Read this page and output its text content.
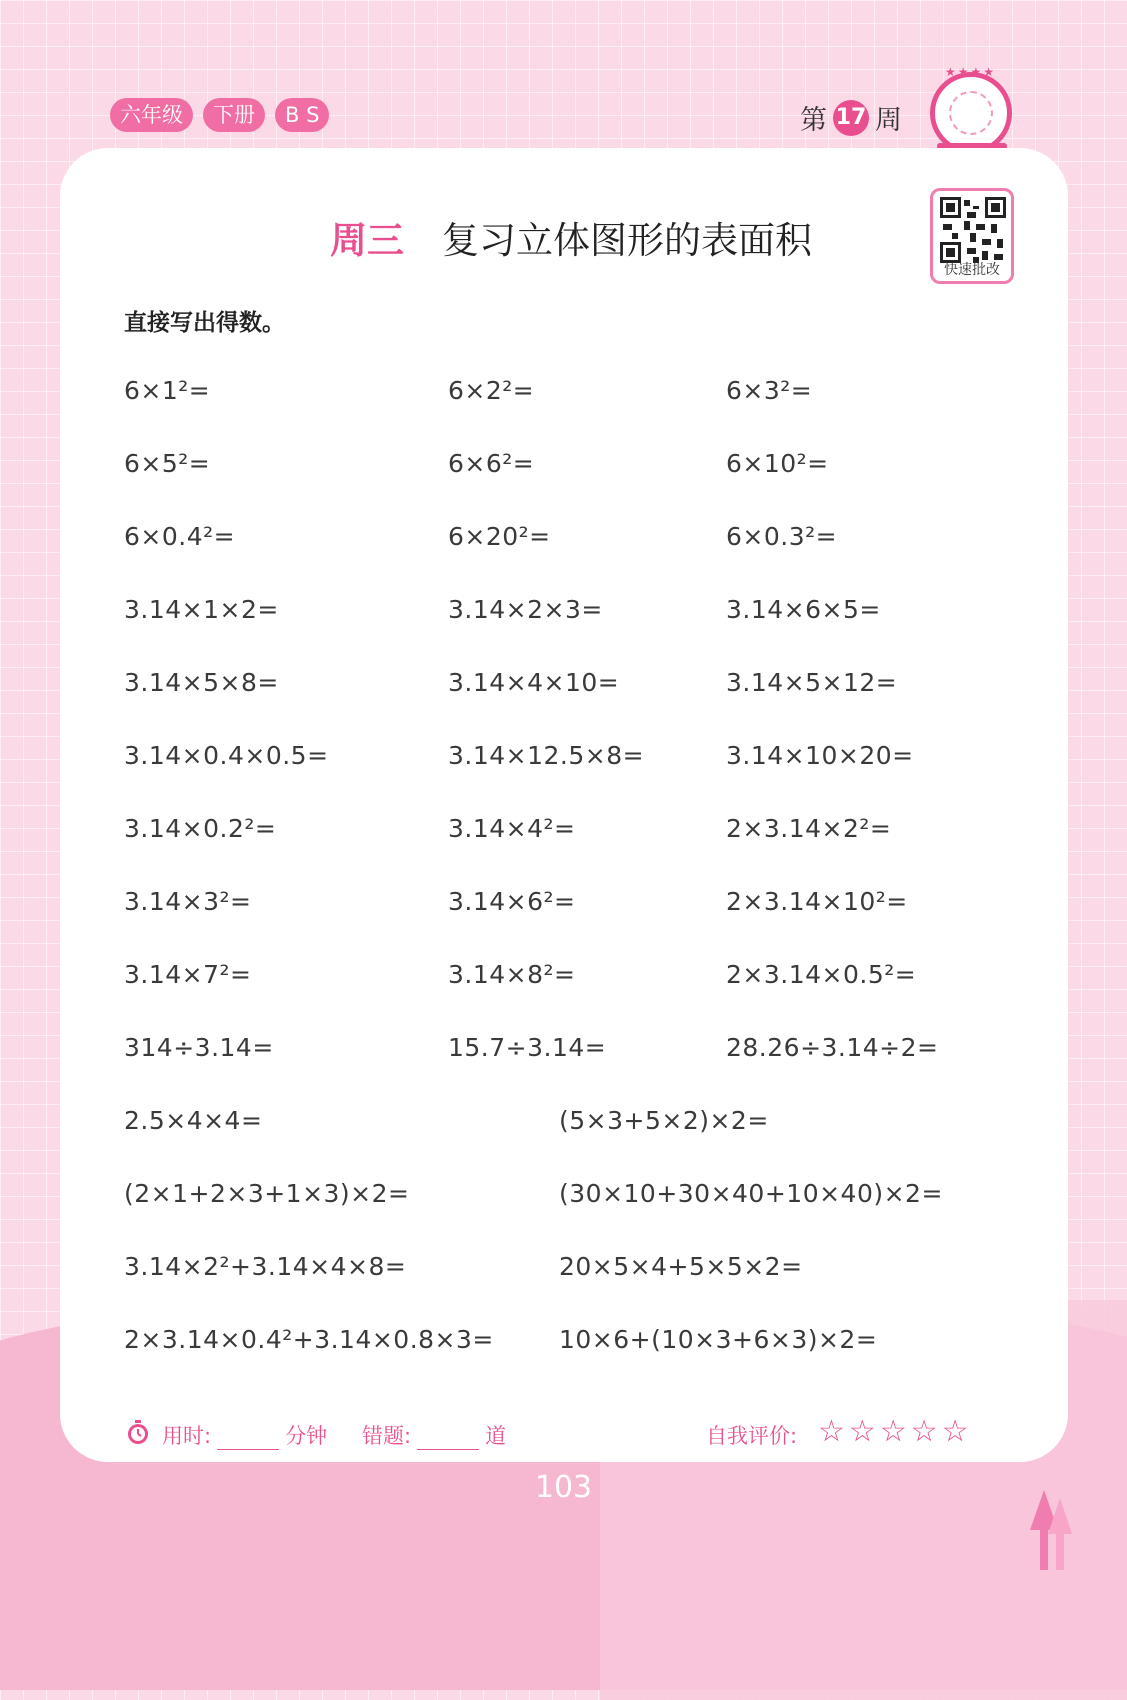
六年级	下册	B S	第 17 周
★★★★
周三 复习立体图形的表面积
快速批改
直接写出得数。
6×1²=	6×2²=	6×3²=
6×5²=	6×6²=	6×10²=
6×0.4²=	6×20²=	6×0.3²=
3.14×1×2=	3.14×2×3=	3.14×6×5=
3.14×5×8=	3.14×4×10=	3.14×5×12=
3.14×0.4×0.5=	3.14×12.5×8=	3.14×10×20=
3.14×0.2²=	3.14×4²=	2×3.14×2²=
3.14×3²=	3.14×6²=	2×3.14×10²=
3.14×7²=	3.14×8²=	2×3.14×0.5²=
314÷3.14=	15.7÷3.14=	28.26÷3.14÷2=
2.5×4×4=	(5×3+5×2)×2=
(2×1+2×3+1×3)×2=	(30×10+30×40+10×40)×2=
3.14×2²+3.14×4×8=	20×5×4+5×5×2=
2×3.14×0.4²+3.14×0.8×3=	10×6+(10×3+6×3)×2=
用时:	分钟 错题:	道	自我评价: ☆☆☆☆☆
103
